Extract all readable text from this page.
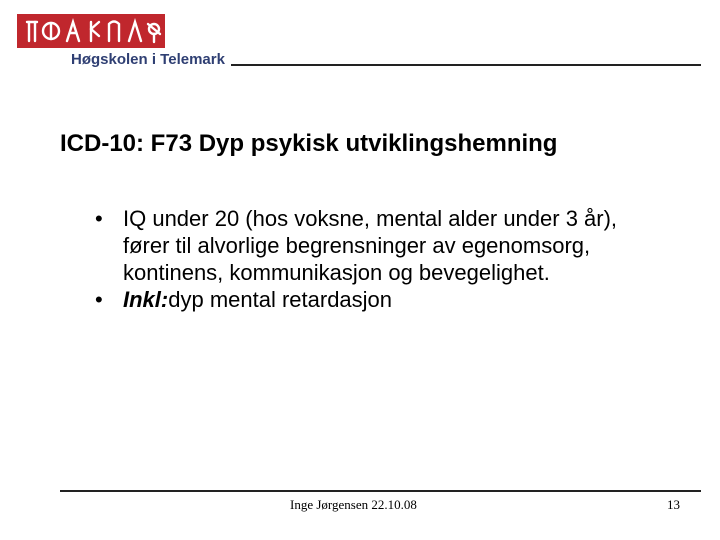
Høgskolen i Telemark
ICD-10: F73 Dyp psykisk utviklingshemning
• IQ under 20 (hos voksne, mental alder under 3 år), fører til alvorlige begrensninger av egenomsorg, kontinens, kommunikasjon og bevegelighet.
• Inkl:dyp mental retardasjon
Inge Jørgensen 22.10.08	13
